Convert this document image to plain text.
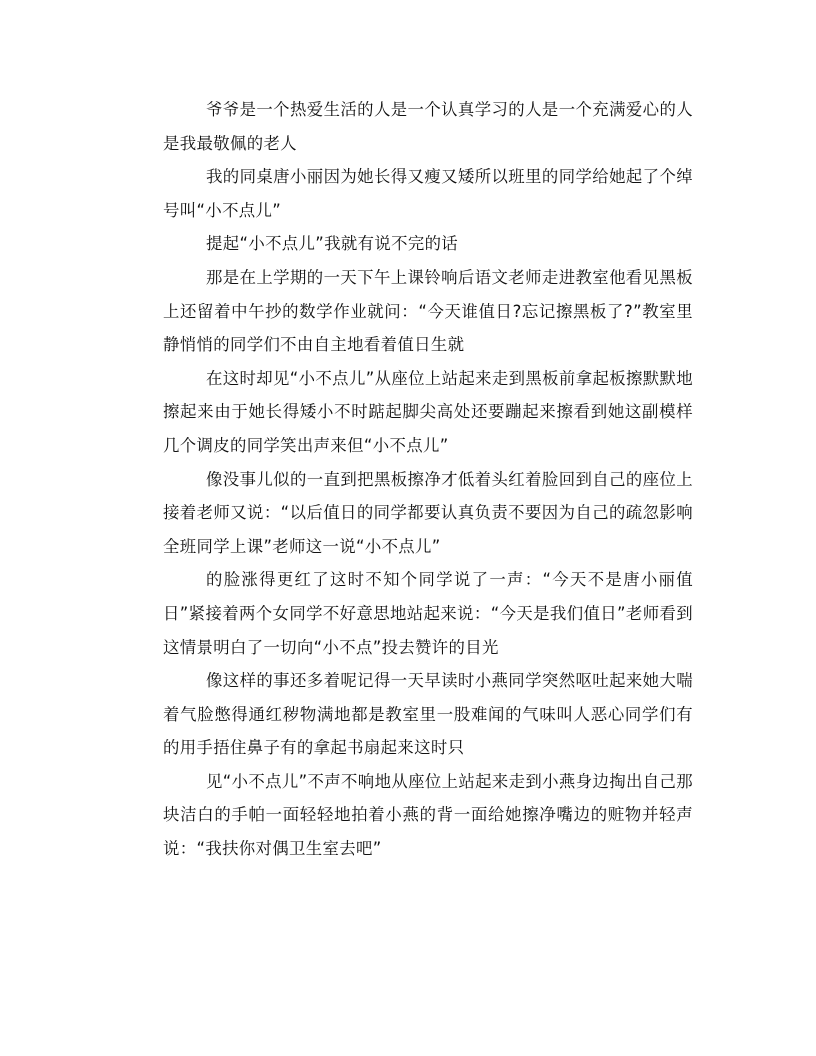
爷爷是一个热爱生活的人是一个认真学习的人是一个充满爱心的人是我最敬佩的老人

我的同桌唐小丽因为她长得又瘦又矮所以班里的同学给她起了个绰号叫“小不点儿”

提起“小不点儿”我就有说不完的话

那是在上学期的一天下午上课铃响后语文老师走进教室他看见黑板上还留着中午抄的数学作业就问：“今天谁值日?忘记擦黑板了?”教室里静悄悄的同学们不由自主地看着值日生就

在这时却见“小不点儿”从座位上站起来走到黑板前拿起板擦默默地擦起来由于她长得矮小不时踮起脚尖高处还要蹦起来擦看到她这副模样几个调皮的同学笑出声来但“小不点儿”

像没事儿似的一直到把黑板擦净才低着头红着脸回到自己的座位上接着老师又说：“以后值日的同学都要认真负责不要因为自己的疏忽影响全班同学上课”老师这一说“小不点儿”

的脸涨得更红了这时不知个同学说了一声：“今天不是唐小丽值日”紧接着两个女同学不好意思地站起来说：“今天是我们值日”老师看到这情景明白了一切向“小不点”投去赞许的目光

像这样的事还多着呢记得一天早读时小燕同学突然呕吐起来她大喘着气脸憋得通红秽物满地都是教室里一股难闻的气味叫人恶心同学们有的用手捂住鼻子有的拿起书扇起来这时只

见“小不点儿”不声不响地从座位上站起来走到小燕身边掏出自己那块洁白的手帕一面轻轻地拍着小燕的背一面给她擦净嘴边的赃物并轻声说：“我扶你对偶卫生室去吧”
